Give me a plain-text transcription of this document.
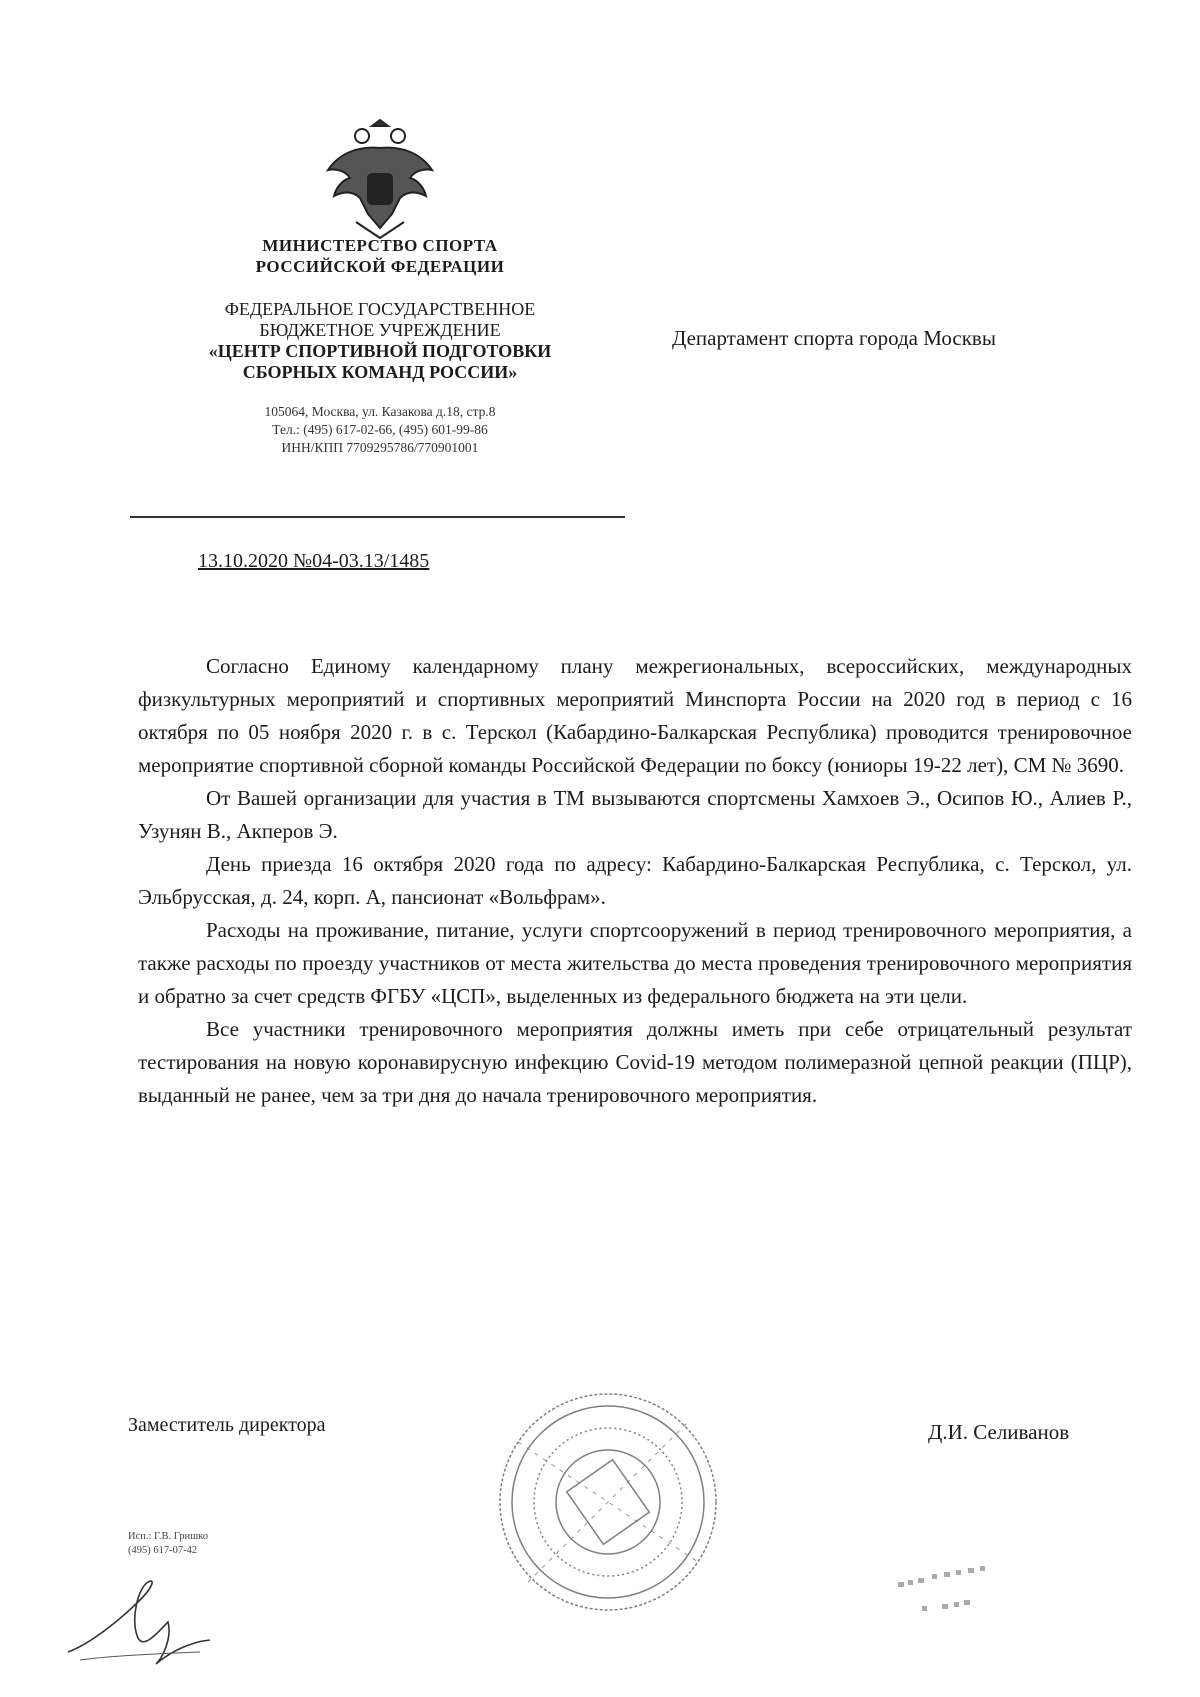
МИНИСТЕРСТВО СПОРТА
РОССИЙСКОЙ ФЕДЕРАЦИИ
ФЕДЕРАЛЬНОЕ ГОСУДАРСТВЕННОЕ
БЮДЖЕТНОЕ УЧРЕЖДЕНИЕ
«ЦЕНТР СПОРТИВНОЙ ПОДГОТОВКИ
СБОРНЫХ КОМАНД РОССИИ»
105064, Москва, ул. Казакова д.18, стр.8
Тел.: (495) 617-02-66, (495) 601-99-86
ИНН/КПП 7709295786/770901001
13.10.2020 №04-03.13/1485
Департамент спорта города Москвы

Согласно Единому календарному плану межрегиональных, всероссийских, международных физкультурных мероприятий и спортивных мероприятий Минспорта России на 2020 год в период с 16 октября по 05 ноября 2020 г. в с. Терскол (Кабардино-Балкарская Республика) проводится тренировочное мероприятие спортивной сборной команды Российской Федерации по боксу (юниоры 19-22 лет), СМ № 3690.

От Вашей организации для участия в ТМ вызываются спортсмены Хамхоев Э., Осипов Ю., Алиев Р., Узунян В., Акперов Э.

День приезда 16 октября 2020 года по адресу: Кабардино-Балкарская Республика, с. Терскол, ул. Эльбрусская, д. 24, корп. А, пансионат «Вольфрам».

Расходы на проживание, питание, услуги спортсооружений в период тренировочного мероприятия, а также расходы по проезду участников от места жительства до места проведения тренировочного мероприятия и обратно за счет средств ФГБУ «ЦСП», выделенных из федерального бюджета на эти цели.

Все участники тренировочного мероприятия должны иметь при себе отрицательный результат тестирования на новую коронавирусную инфекцию Covid-19 методом полимеразной цепной реакции (ПЦР), выданный не ранее, чем за три дня до начала тренировочного мероприятия.

Заместитель директора	Д.И. Селиванов
Исп.: Г.В. Гришко
(495) 617-07-42
